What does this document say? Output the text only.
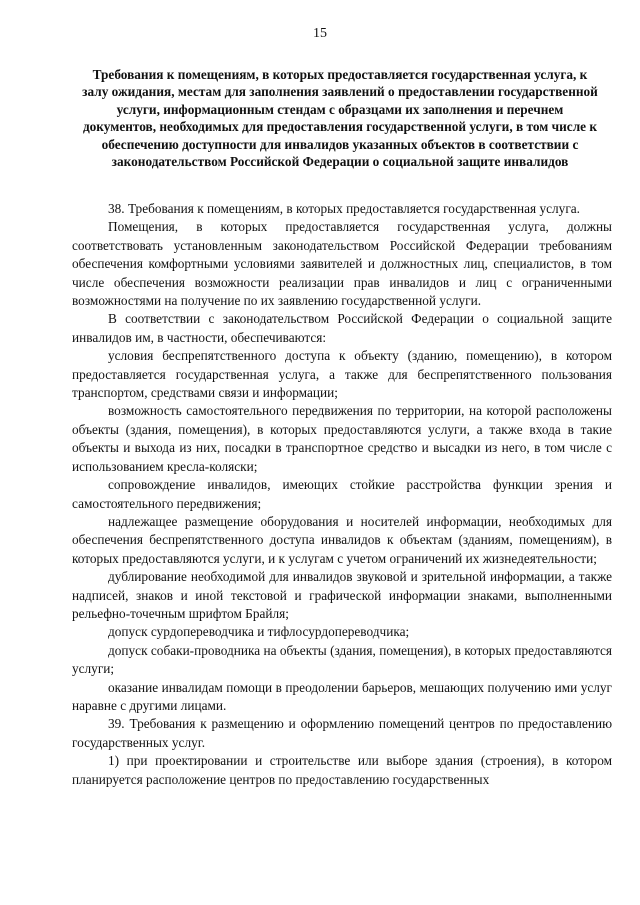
15
Требования к помещениям, в которых предоставляется государственная услуга, к залу ожидания, местам для заполнения заявлений о предоставлении государственной услуги, информационным стендам с образцами их заполнения и перечнем документов, необходимых для предоставления государственной услуги, в том числе к обеспечению доступности для инвалидов указанных объектов в соответствии с законодательством Российской Федерации о социальной защите инвалидов

38. Требования к помещениям, в которых предоставляется государственная услуга.

Помещения, в которых предоставляется государственная услуга, должны соответствовать установленным законодательством Российской Федерации требованиям обеспечения комфортными условиями заявителей и должностных лиц, специалистов, в том числе обеспечения возможности реализации прав инвалидов и лиц с ограниченными возможностями на получение по их заявлению государственной услуги.

В соответствии с законодательством Российской Федерации о социальной защите инвалидов им, в частности, обеспечиваются:

условия беспрепятственного доступа к объекту (зданию, помещению), в котором предоставляется государственная услуга, а также для беспрепятственного пользования транспортом, средствами связи и информации;

возможность самостоятельного передвижения по территории, на которой расположены объекты (здания, помещения), в которых предоставляются услуги, а также входа в такие объекты и выхода из них, посадки в транспортное средство и высадки из него, в том числе с использованием кресла-коляски;

сопровождение инвалидов, имеющих стойкие расстройства функции зрения и самостоятельного передвижения;

надлежащее размещение оборудования и носителей информации, необходимых для обеспечения беспрепятственного доступа инвалидов к объектам (зданиям, помещениям), в которых предоставляются услуги, и к услугам с учетом ограничений их жизнедеятельности;

дублирование необходимой для инвалидов звуковой и зрительной информации, а также надписей, знаков и иной текстовой и графической информации знаками, выполненными рельефно-точечным шрифтом Брайля;

допуск сурдопереводчика и тифлосурдопереводчика;

допуск собаки-проводника на объекты (здания, помещения), в которых предоставляются услуги;

оказание инвалидам помощи в преодолении барьеров, мешающих получению ими услуг наравне с другими лицами.

39. Требования к размещению и оформлению помещений центров по предоставлению государственных услуг.

1) при проектировании и строительстве или выборе здания (строения), в котором планируется расположение центров по предоставлению государственных
